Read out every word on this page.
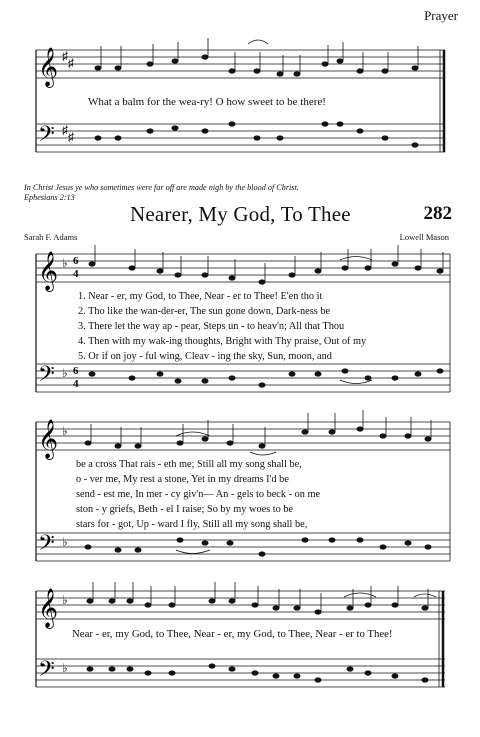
Prayer
𝄞
𝄢
♯ ♯
♯ ♯
What a balm for the wea-ry! O how sweet to be there!
In Christ Jesus ye who sometimes were far off are made nigh by the blood of Christ.
Ephesians 2:13
Nearer, My God, To Thee	282
Sarah F. Adams	Lowell Mason
𝄞
𝄢
♭
♭
6
4
6
4
1. Near - er, my God, to Thee, Near - er to Thee! E'en tho it
2. Tho like the wan-der-er, The sun gone down, Dark-ness be
3. There let the way ap - pear, Steps un - to heav'n; All that Thou
4. Then with my wak-ing thoughts, Bright with Thy praise, Out of my
5. Or if on joy - ful wing, Cleav - ing the sky, Sun, moon, and
𝄞
𝄢
♭
♭
be a cross That rais - eth me; Still all my song shall be,
o - ver me, My rest a stone, Yet in my dreams I'd be
send - est me, In mer - cy giv'n— An - gels to beck - on me
ston - y griefs, Beth - el I raise; So by my woes to be
stars for - got, Up - ward I fly, Still all my song shall be,
𝄞
𝄢
♭
♭
Near - er, my God, to Thee, Near - er, my God, to Thee, Near - er to Thee!
